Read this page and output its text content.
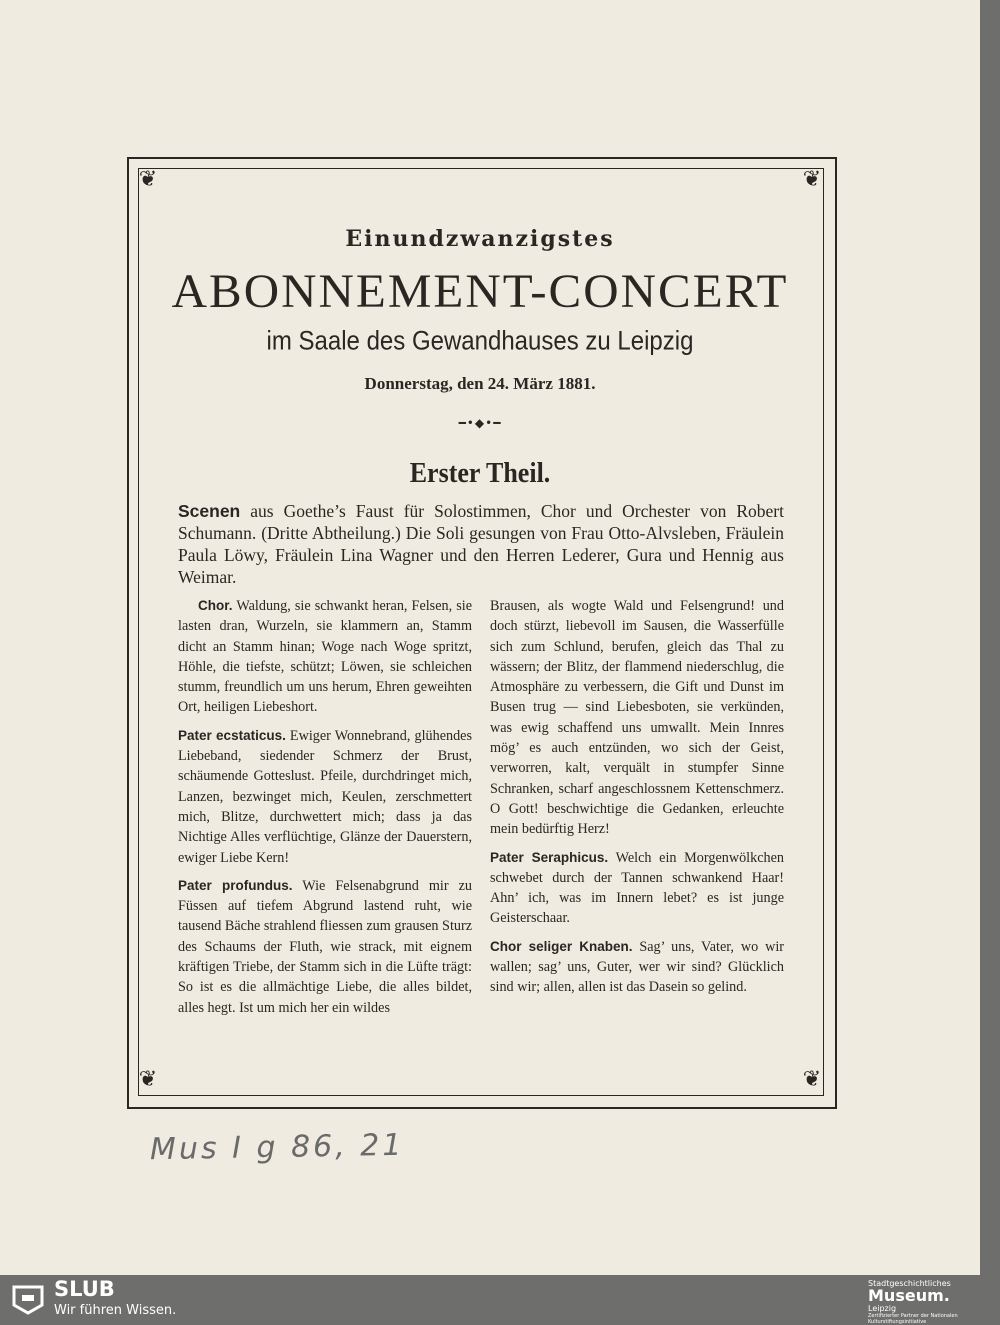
❦	❦
❦	❦
Einundzwanzigstes
ABONNEMENT-CONCERT
im Saale des Gewandhauses zu Leipzig
Donnerstag, den 24. März 1881.
━•◆•━
Erster Theil.
Scenen aus Goethe’s Faust für Solostimmen, Chor und Orchester von Robert Schumann. (Dritte Abtheilung.) Die Soli gesungen von Frau Otto-Alvsleben, Fräulein Paula Löwy, Fräulein Lina Wagner und den Herren Lederer, Gura und Hennig aus Weimar.

Chor. Waldung, sie schwankt heran, Felsen, sie lasten dran, Wurzeln, sie klammern an, Stamm dicht an Stamm hinan; Woge nach Woge spritzt, Höhle, die tiefste, schützt; Löwen, sie schleichen stumm, freundlich um uns herum, Ehren geweihten Ort, heiligen Liebeshort.

Pater ecstaticus. Ewiger Wonnebrand, glühendes Liebeband, siedender Schmerz der Brust, schäumende Gotteslust. Pfeile, durchdringet mich, Lanzen, bezwinget mich, Keulen, zerschmettert mich, Blitze, durchwettert mich; dass ja das Nichtige Alles verflüchtige, Glänze der Dauerstern, ewiger Liebe Kern!

Pater profundus. Wie Felsenabgrund mir zu Füssen auf tiefem Abgrund lastend ruht, wie tausend Bäche strahlend fliessen zum grausen Sturz des Schaums der Fluth, wie strack, mit eignem kräftigen Triebe, der Stamm sich in die Lüfte trägt: So ist es die allmächtige Liebe, die alles bildet, alles hegt. Ist um mich her ein wildes

Brausen, als wogte Wald und Felsengrund! und doch stürzt, liebevoll im Sausen, die Wasserfülle sich zum Schlund, berufen, gleich das Thal zu wässern; der Blitz, der flammend niederschlug, die Atmosphäre zu verbessern, die Gift und Dunst im Busen trug — sind Liebesboten, sie verkünden, was ewig schaffend uns umwallt. Mein Innres mög’ es auch entzünden, wo sich der Geist, verworren, kalt, verquält in stumpfer Sinne Schranken, scharf angeschlossnem Kettenschmerz. O Gott! beschwichtige die Gedanken, erleuchte mein bedürftig Herz!

Pater Seraphicus. Welch ein Morgenwölkchen schwebet durch der Tannen schwankend Haar! Ahn’ ich, was im Innern lebet? es ist junge Geisterschaar.

Chor seliger Knaben. Sag’ uns, Vater, wo wir wallen; sag’ uns, Guter, wer wir sind? Glücklich sind wir; allen, allen ist das Dasein so gelind.

Mus I g 86, 21
SLUB
Wir führen Wissen.
Stadtgeschichtliches
Museum.
Leipzig
Zertifizierter Partner der Nationalen Kulturstiftungsinitiative
